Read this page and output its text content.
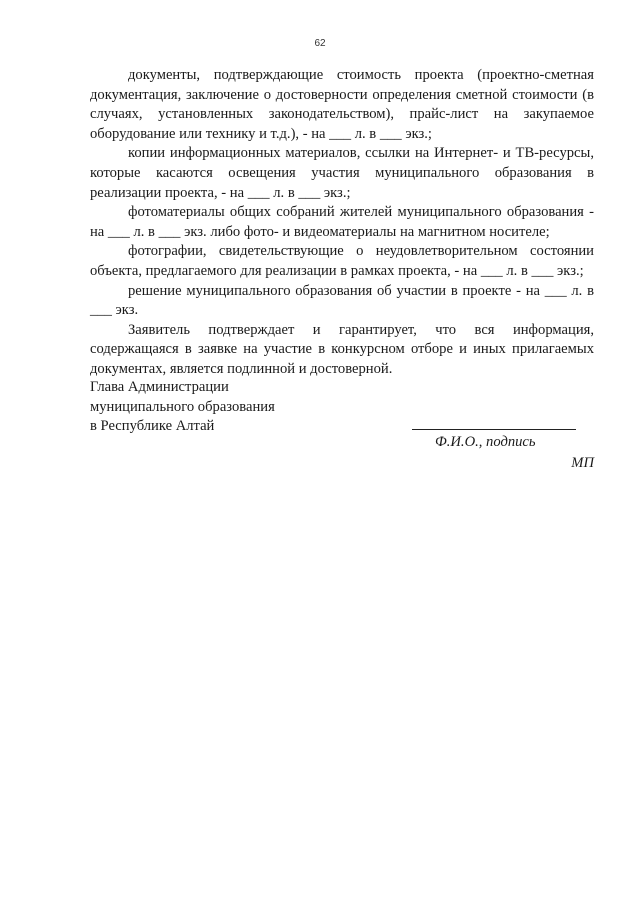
62

документы, подтверждающие стоимость проекта (проектно-сметная документация, заключение о достоверности определения сметной стоимости (в случаях, установленных законодательством), прайс-лист на закупаемое оборудование или технику и т.д.), - на ___ л. в ___ экз.;

копии информационных материалов, ссылки на Интернет- и ТВ-ресурсы, которые касаются освещения участия муниципального образования в реализации проекта, - на ___ л. в ___ экз.;

фотоматериалы общих собраний жителей муниципального образования - на ___ л. в ___ экз. либо фото- и видеоматериалы на магнитном носителе;

фотографии, свидетельствующие о неудовлетворительном состоянии объекта, предлагаемого для реализации в рамках проекта, - на ___ л. в ___ экз.;

решение муниципального образования об участии в проекте - на ___ л. в ___ экз.

Заявитель подтверждает и гарантирует, что вся информация, содержащаяся в заявке на участие в конкурсном отборе и иных прилагаемых документах, является подлинной и достоверной.

Глава Администрации
муниципального образования
в Республике Алтай
Ф.И.О., подпись
МП
